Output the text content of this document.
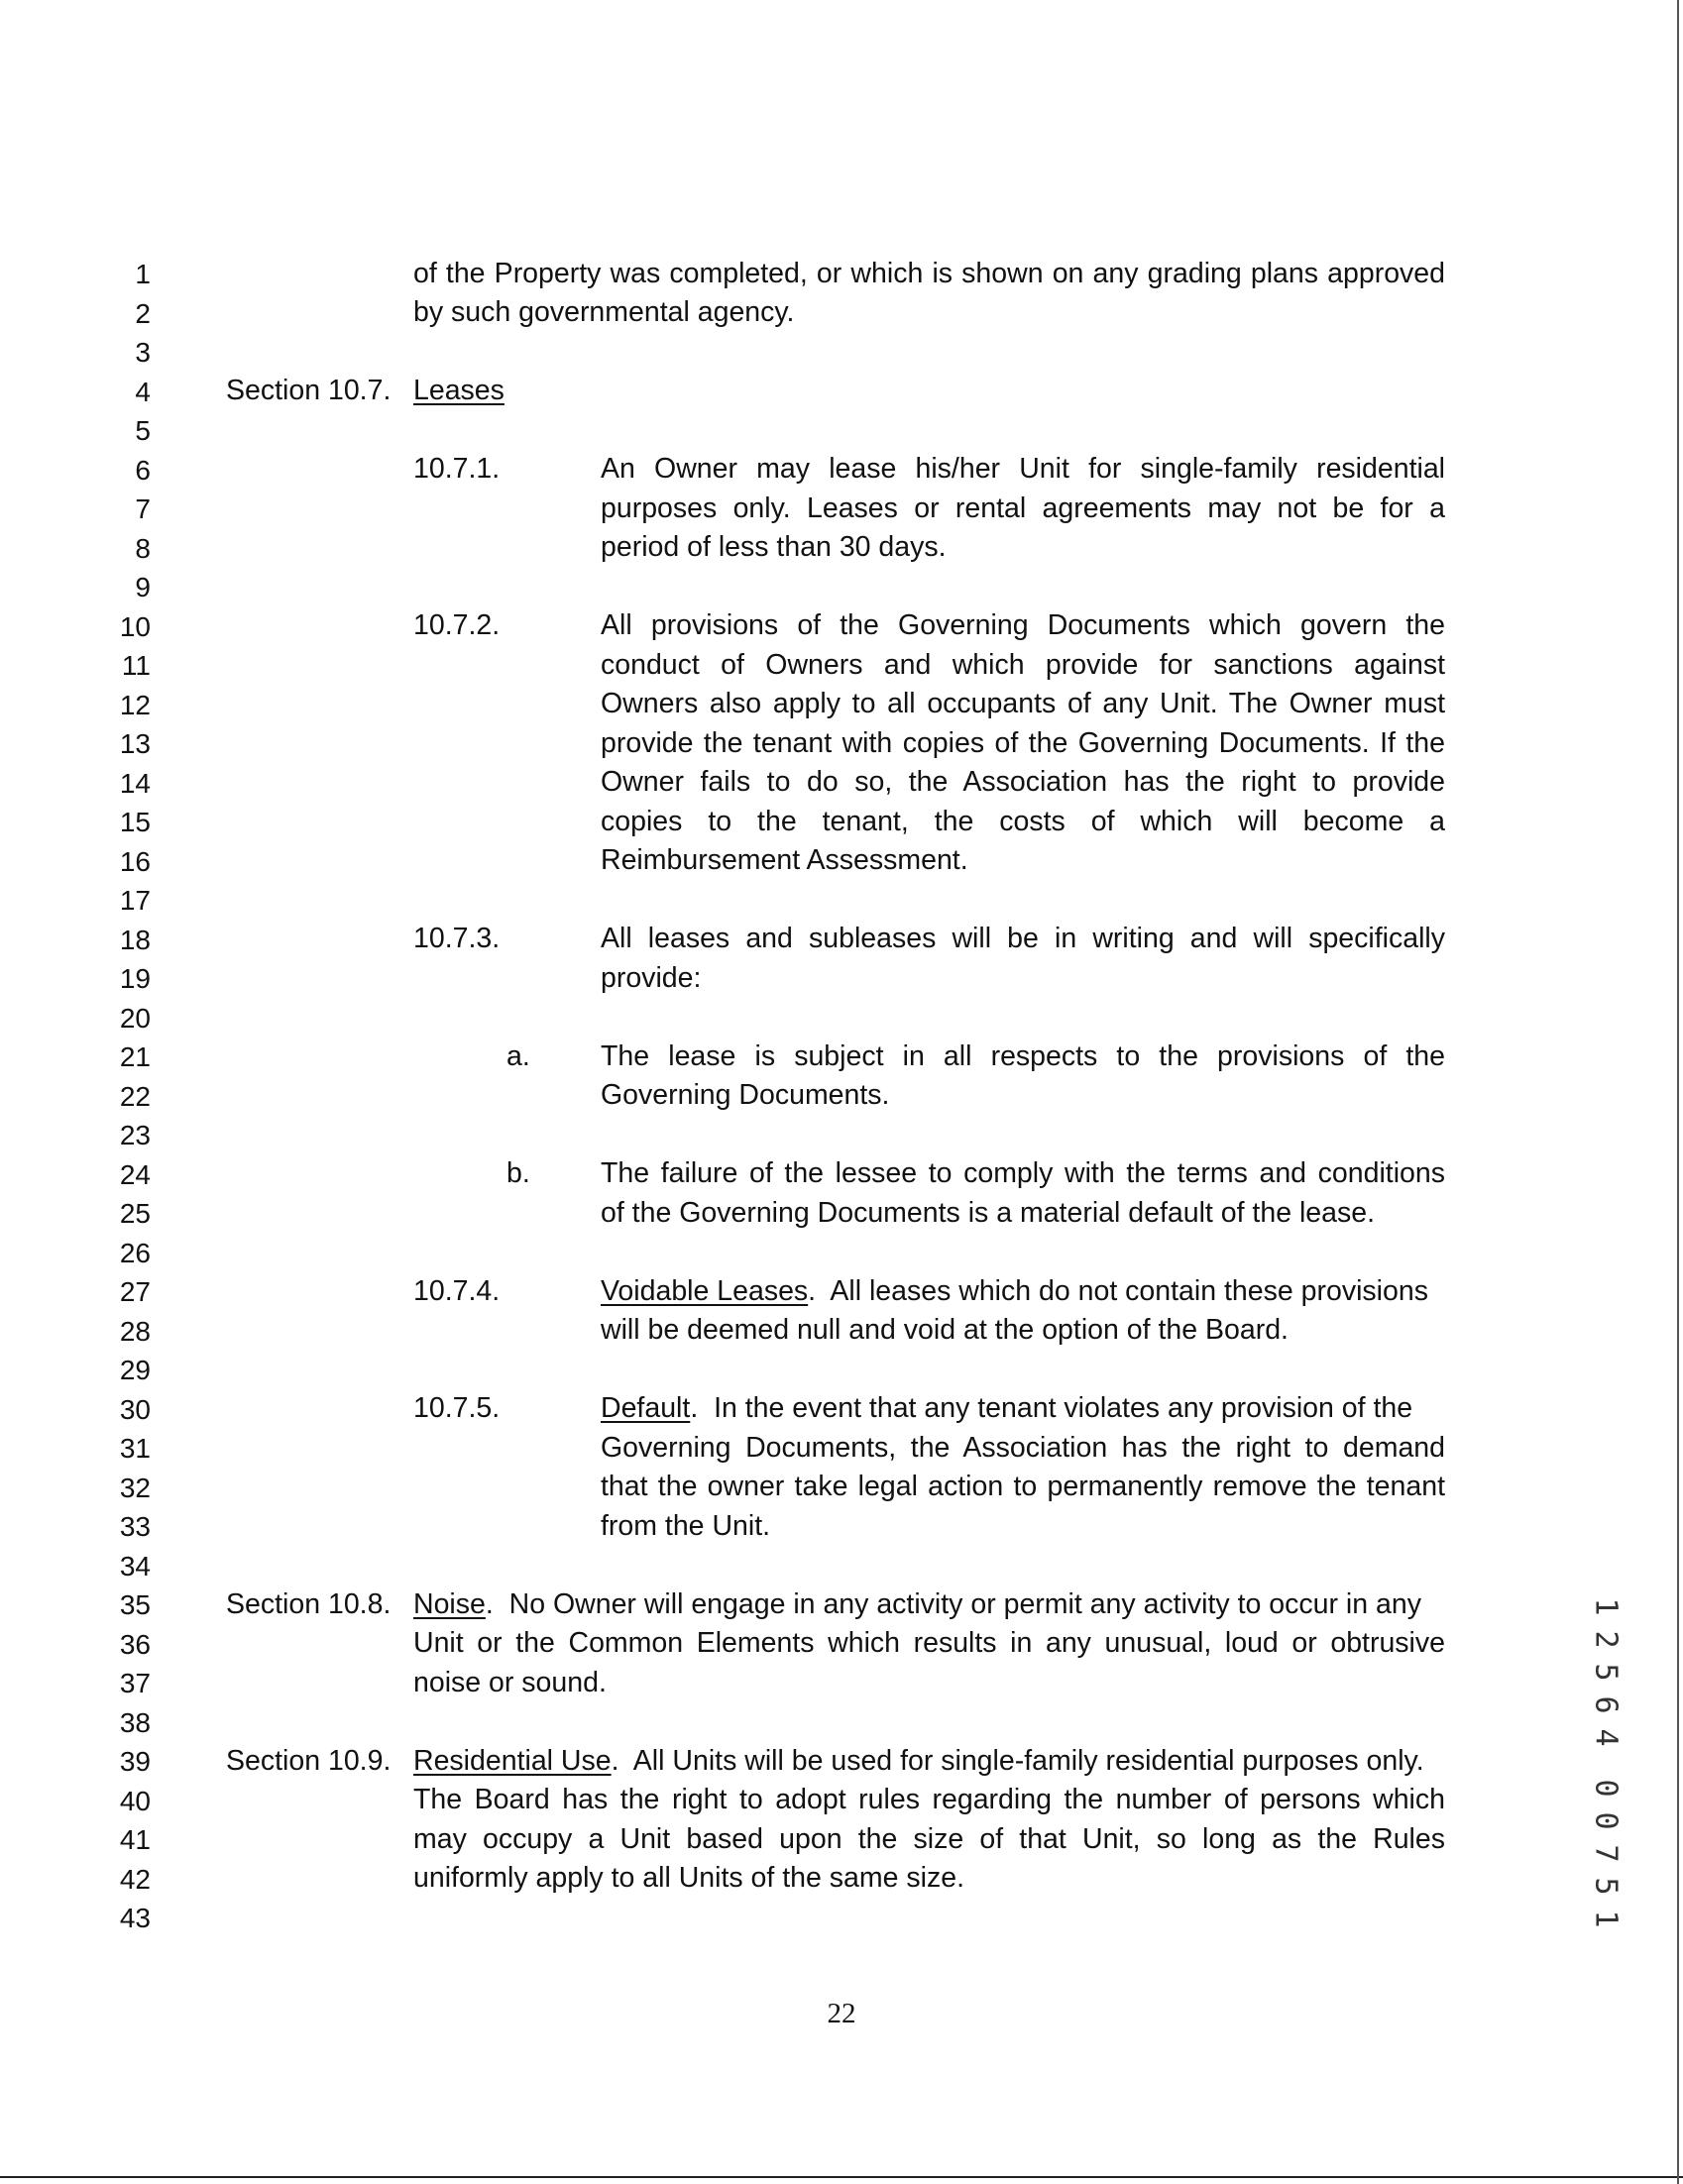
1
2
3
4
5
6
7
8
9
10
11
12
13
14
15
16
17
18
19
20
21
22
23
24
25
26
27
28
29
30
31
32
33
34
35
36
37
38
39
40
41
42
43
of the Property was completed, or which is shown on any grading plans approved
by such governmental agency.
Section 10.7. Leases
10.7.1.	An Owner may lease his/her Unit for single-family residential
purposes only. Leases or rental agreements may not be for a
period of less than 30 days.
10.7.2.	All provisions of the Governing Documents which govern the
conduct of Owners and which provide for sanctions against
Owners also apply to all occupants of any Unit. The Owner must
provide the tenant with copies of the Governing Documents. If the
Owner fails to do so, the Association has the right to provide
copies to the tenant, the costs of which will become a
Reimbursement Assessment.
10.7.3.	All leases and subleases will be in writing and will specifically
provide:
a. The lease is subject in all respects to the provisions of the
Governing Documents.
b. The failure of the lessee to comply with the terms and conditions
of the Governing Documents is a material default of the lease.
10.7.4.	Voidable Leases .  All leases which do not contain these provisions
will be deemed null and void at the option of the Board.
10.7.5.	Default.  In the event that any tenant violates any provision of the
Governing Documents, the Association has the right to demand
that the owner take legal action to permanently remove the tenant
from the Unit.
Section 10.8. Noise.  No Owner will engage in any activity or permit any activity to occur in any
Unit or the Common Elements which results in any unusual, loud or obtrusive
noise or sound.
Section 10.9. Residential Use.  All Units will be used for single-family residential purposes only.
The Board has the right to adopt rules regarding the number of persons which
may occupy a Unit based upon the size of that Unit, so long as the Rules
uniformly apply to all Units of the same size.
22
1
2
5
6
4
0
0
7
5
1
